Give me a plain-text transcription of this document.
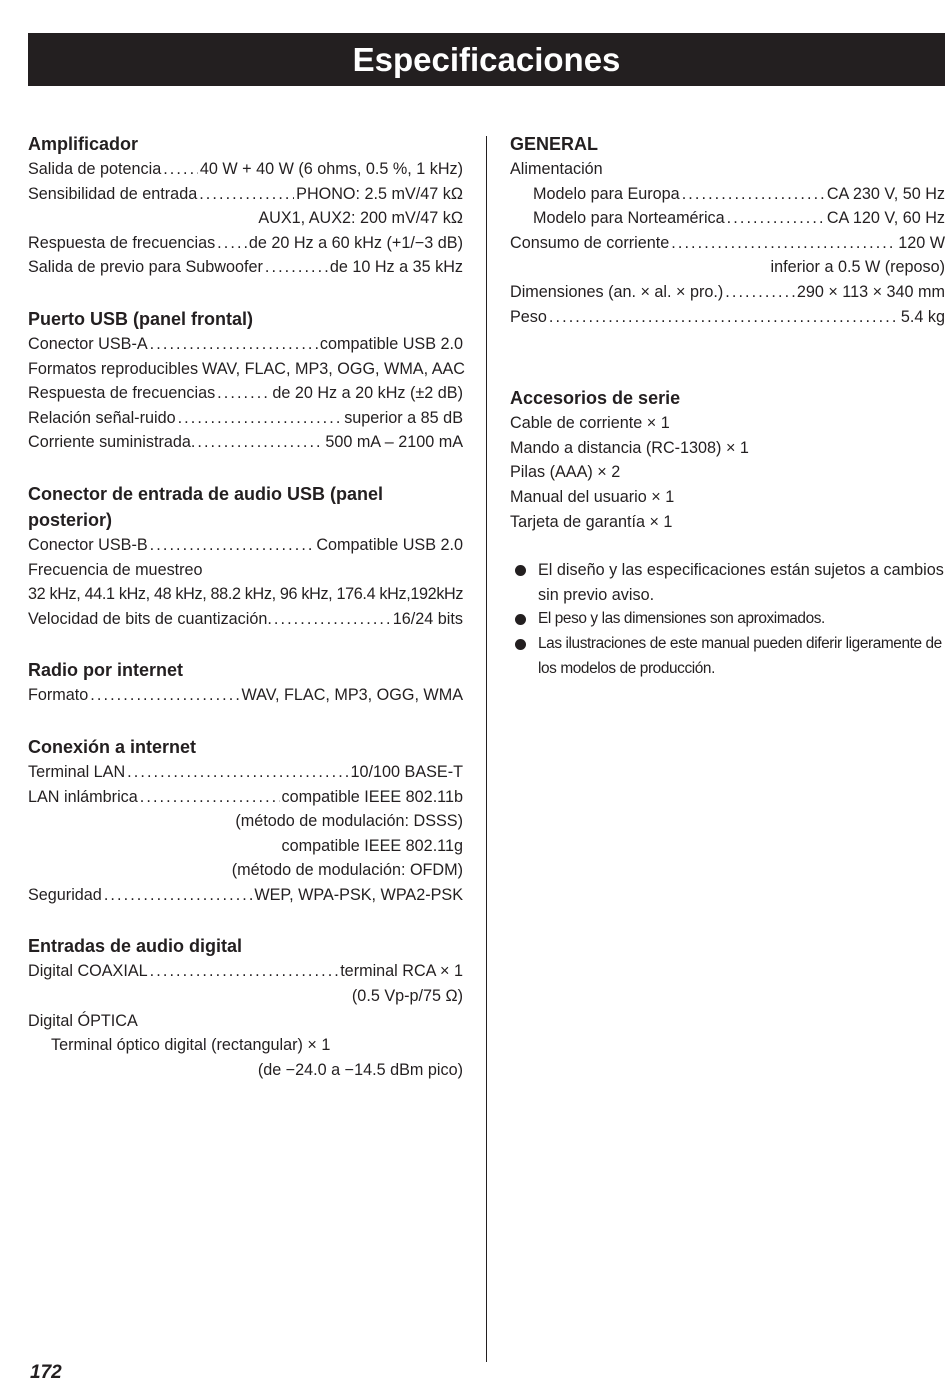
Especificaciones
Amplificador
Salida de potencia . . . 40 W + 40 W (6 ohms, 0.5 %, 1 kHz)
Sensibilidad de entrada . . .	PHONO: 2.5 mV/47 kΩ
AUX1, AUX2: 200 mV/47 kΩ
Respuesta de frecuencias . . . de 20 Hz a 60 kHz (+1/−3 dB)
Salida de previo para Subwoofer . . .	de 10 Hz a 35 kHz
Puerto USB (panel frontal)
Conector USB-A . . .	compatible USB 2.0
Formatos reproducibles WAV, FLAC, MP3, OGG, WMA, AAC
Respuesta de frecuencias . . .	de 20 Hz a 20 kHz (±2 dB)
Relación señal-ruido . . .	superior a 85 dB
Corriente suministrada. . . .	500 mA – 2100 mA
Conector de entrada de audio USB (panel posterior)
Conector USB-B . . .	Compatible USB 2.0
Frecuencia de muestreo
32 kHz, 44.1 kHz, 48 kHz, 88.2 kHz, 96 kHz, 176.4 kHz,192kHz
Velocidad de bits de cuantización. . . .	16/24 bits
Radio por internet
Formato . . .	WAV, FLAC, MP3, OGG, WMA
Conexión a internet
Terminal LAN . . .	10/100 BASE-T
LAN inlámbrica . . .	compatible IEEE 802.11b
(método de modulación: DSSS)
compatible IEEE 802.11g
(método de modulación: OFDM)
Seguridad . . .	WEP, WPA-PSK, WPA2-PSK
Entradas de audio digital
Digital COAXIAL . . .	terminal RCA × 1
(0.5 Vp-p/75 Ω)
Digital ÓPTICA
Terminal óptico digital (rectangular) × 1
(de −24.0 a −14.5 dBm pico)
GENERAL
Alimentación
Modelo para Europa . . .	CA 230 V, 50 Hz
Modelo para Norteamérica . . .	CA 120 V, 60 Hz
Consumo de corriente . . .	120 W
inferior a 0.5 W (reposo)
Dimensiones (an. × al. × pro.) . . .	290 × 113 × 340 mm
Peso . . .	5.4 kg
Accesorios de serie
Cable de corriente × 1
Mando a distancia (RC-1308) × 1
Pilas (AAA) × 2
Manual del usuario × 1
Tarjeta de garantía × 1
El diseño y las especificaciones están sujetos a cambios sin previo aviso.
El peso y las dimensiones son aproximados.
Las ilustraciones de este manual pueden diferir ligeramente de los modelos de producción.
172
